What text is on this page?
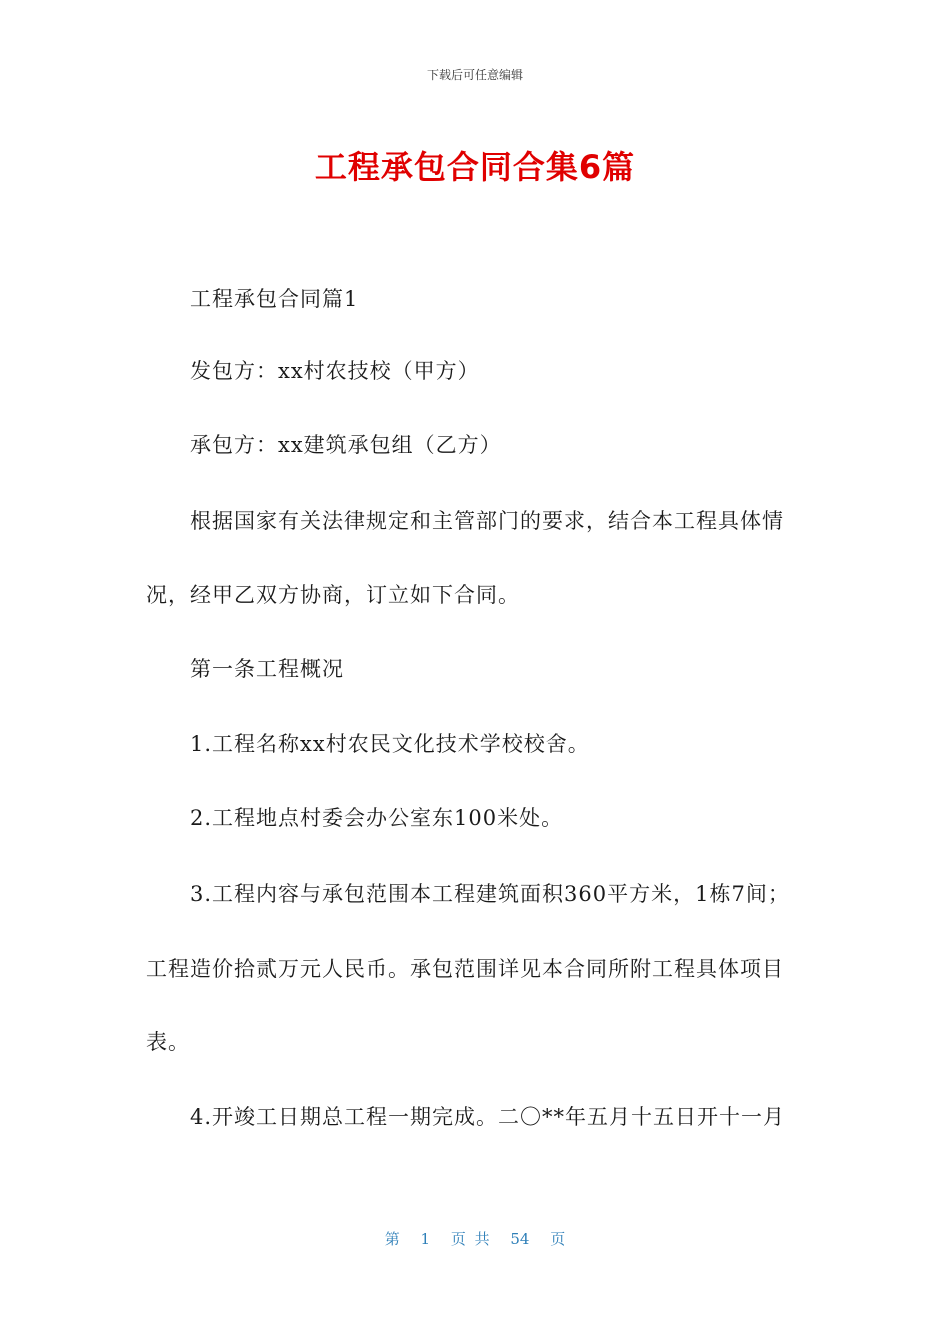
下载后可任意编辑
工程承包合同合集6篇
工程承包合同篇1
发包方：xx村农技校（甲方）
承包方：xx建筑承包组（乙方）
根据国家有关法律规定和主管部门的要求，结合本工程具体情
况，经甲乙双方协商，订立如下合同。
第一条工程概况
1.工程名称xx村农民文化技术学校校舍。
2.工程地点村委会办公室东100米处。
3.工程内容与承包范围本工程建筑面积360平方米，1栋7间；
工程造价拾贰万元人民币。承包范围详见本合同所附工程具体项目
表。
4.开竣工日期总工程一期完成。二〇**年五月十五日开十一月
第 1 页 共 54 页
